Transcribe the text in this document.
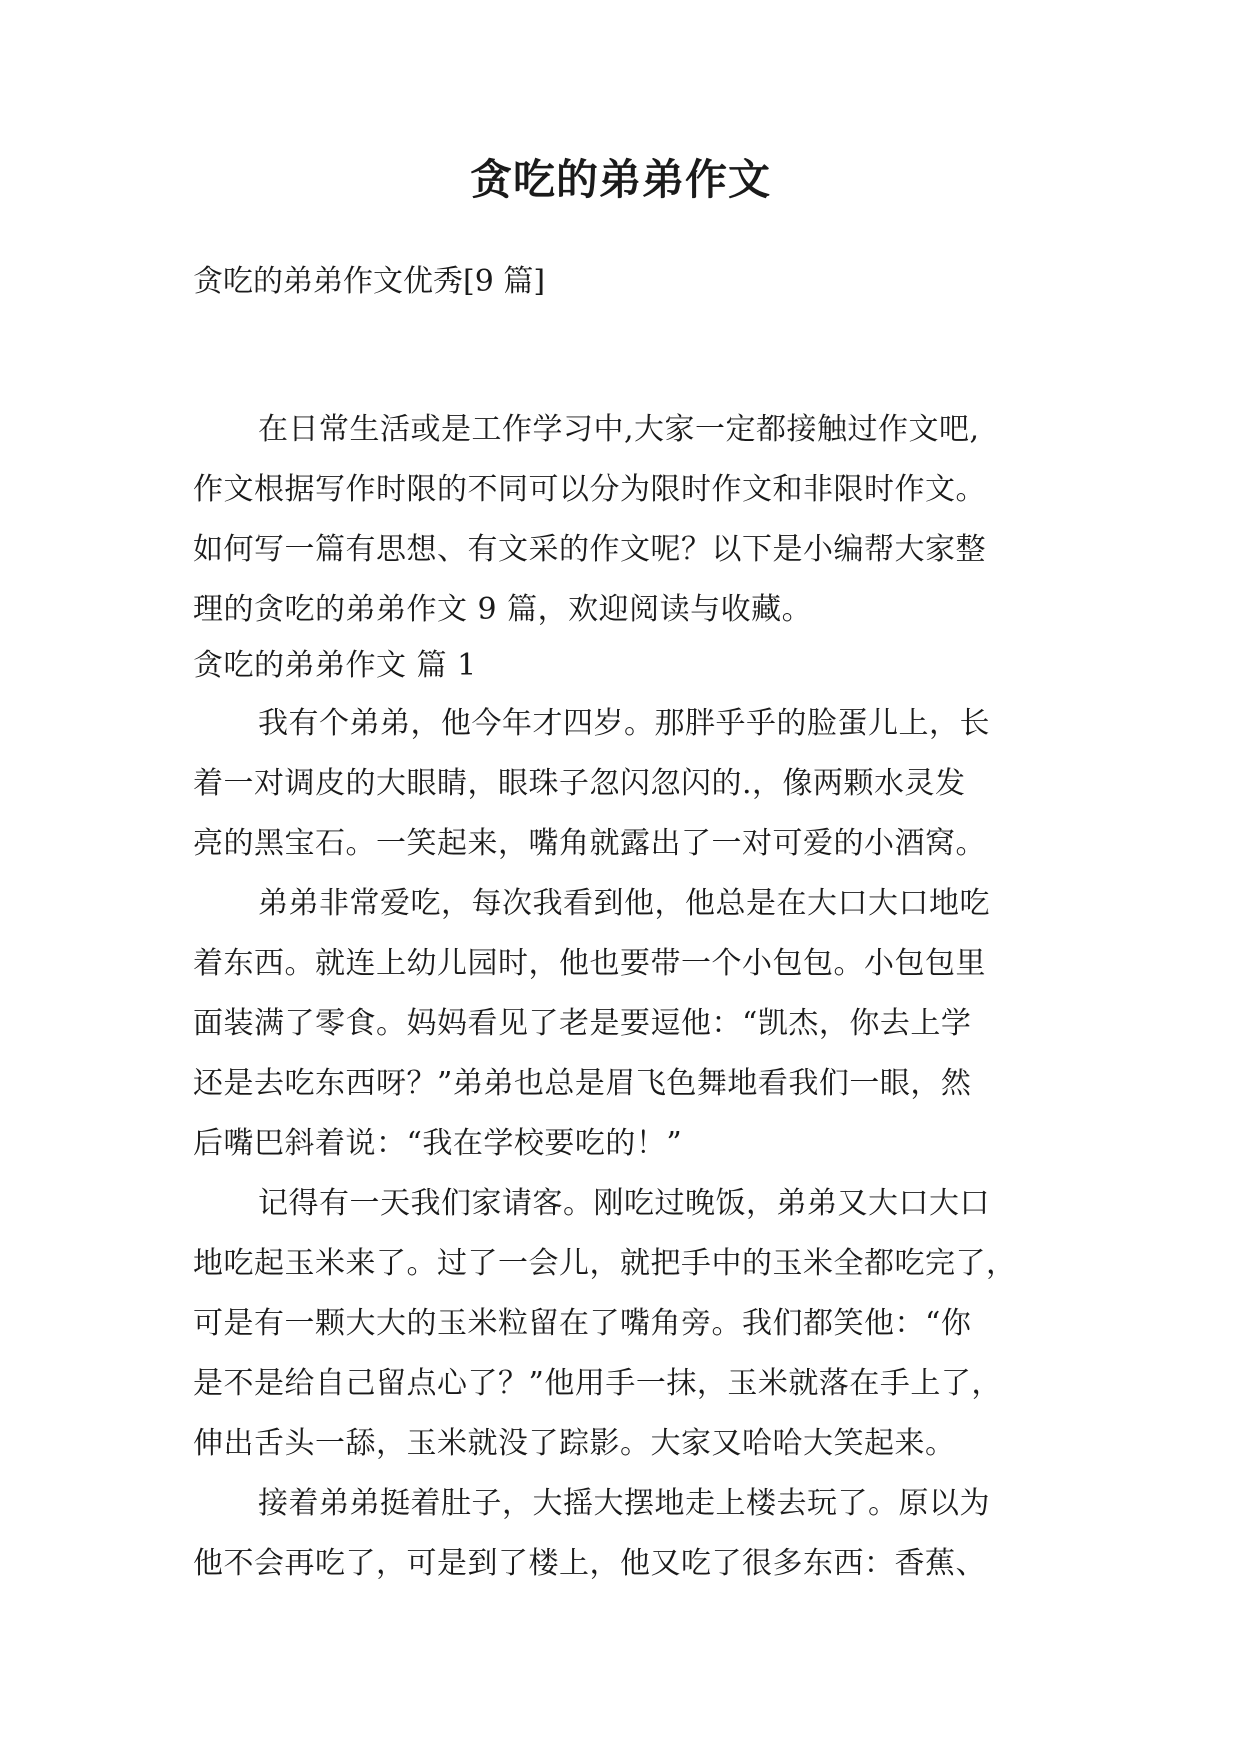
贪吃的弟弟作文
贪吃的弟弟作文优秀[9 篇]
在日常生活或是工作学习中,大家一定都接触过作文吧,
作文根据写作时限的不同可以分为限时作文和非限时作文。
如何写一篇有思想、有文采的作文呢？以下是小编帮大家整
理的贪吃的弟弟作文 9 篇，欢迎阅读与收藏。
贪吃的弟弟作文 篇 1
我有个弟弟，他今年才四岁。那胖乎乎的脸蛋儿上，长
着一对调皮的大眼睛，眼珠子忽闪忽闪的.，像两颗水灵发
亮的黑宝石。一笑起来，嘴角就露出了一对可爱的小酒窝。
弟弟非常爱吃，每次我看到他，他总是在大口大口地吃
着东西。就连上幼儿园时，他也要带一个小包包。小包包里
面装满了零食。妈妈看见了老是要逗他：“凯杰，你去上学
还是去吃东西呀？”弟弟也总是眉飞色舞地看我们一眼，然
后嘴巴斜着说：“我在学校要吃的！”
记得有一天我们家请客。刚吃过晚饭，弟弟又大口大口
地吃起玉米来了。过了一会儿，就把手中的玉米全都吃完了，
可是有一颗大大的玉米粒留在了嘴角旁。我们都笑他：“你
是不是给自己留点心了？”他用手一抹，玉米就落在手上了，
伸出舌头一舔，玉米就没了踪影。大家又哈哈大笑起来。
接着弟弟挺着肚子，大摇大摆地走上楼去玩了。原以为
他不会再吃了，可是到了楼上，他又吃了很多东西：香蕉、
